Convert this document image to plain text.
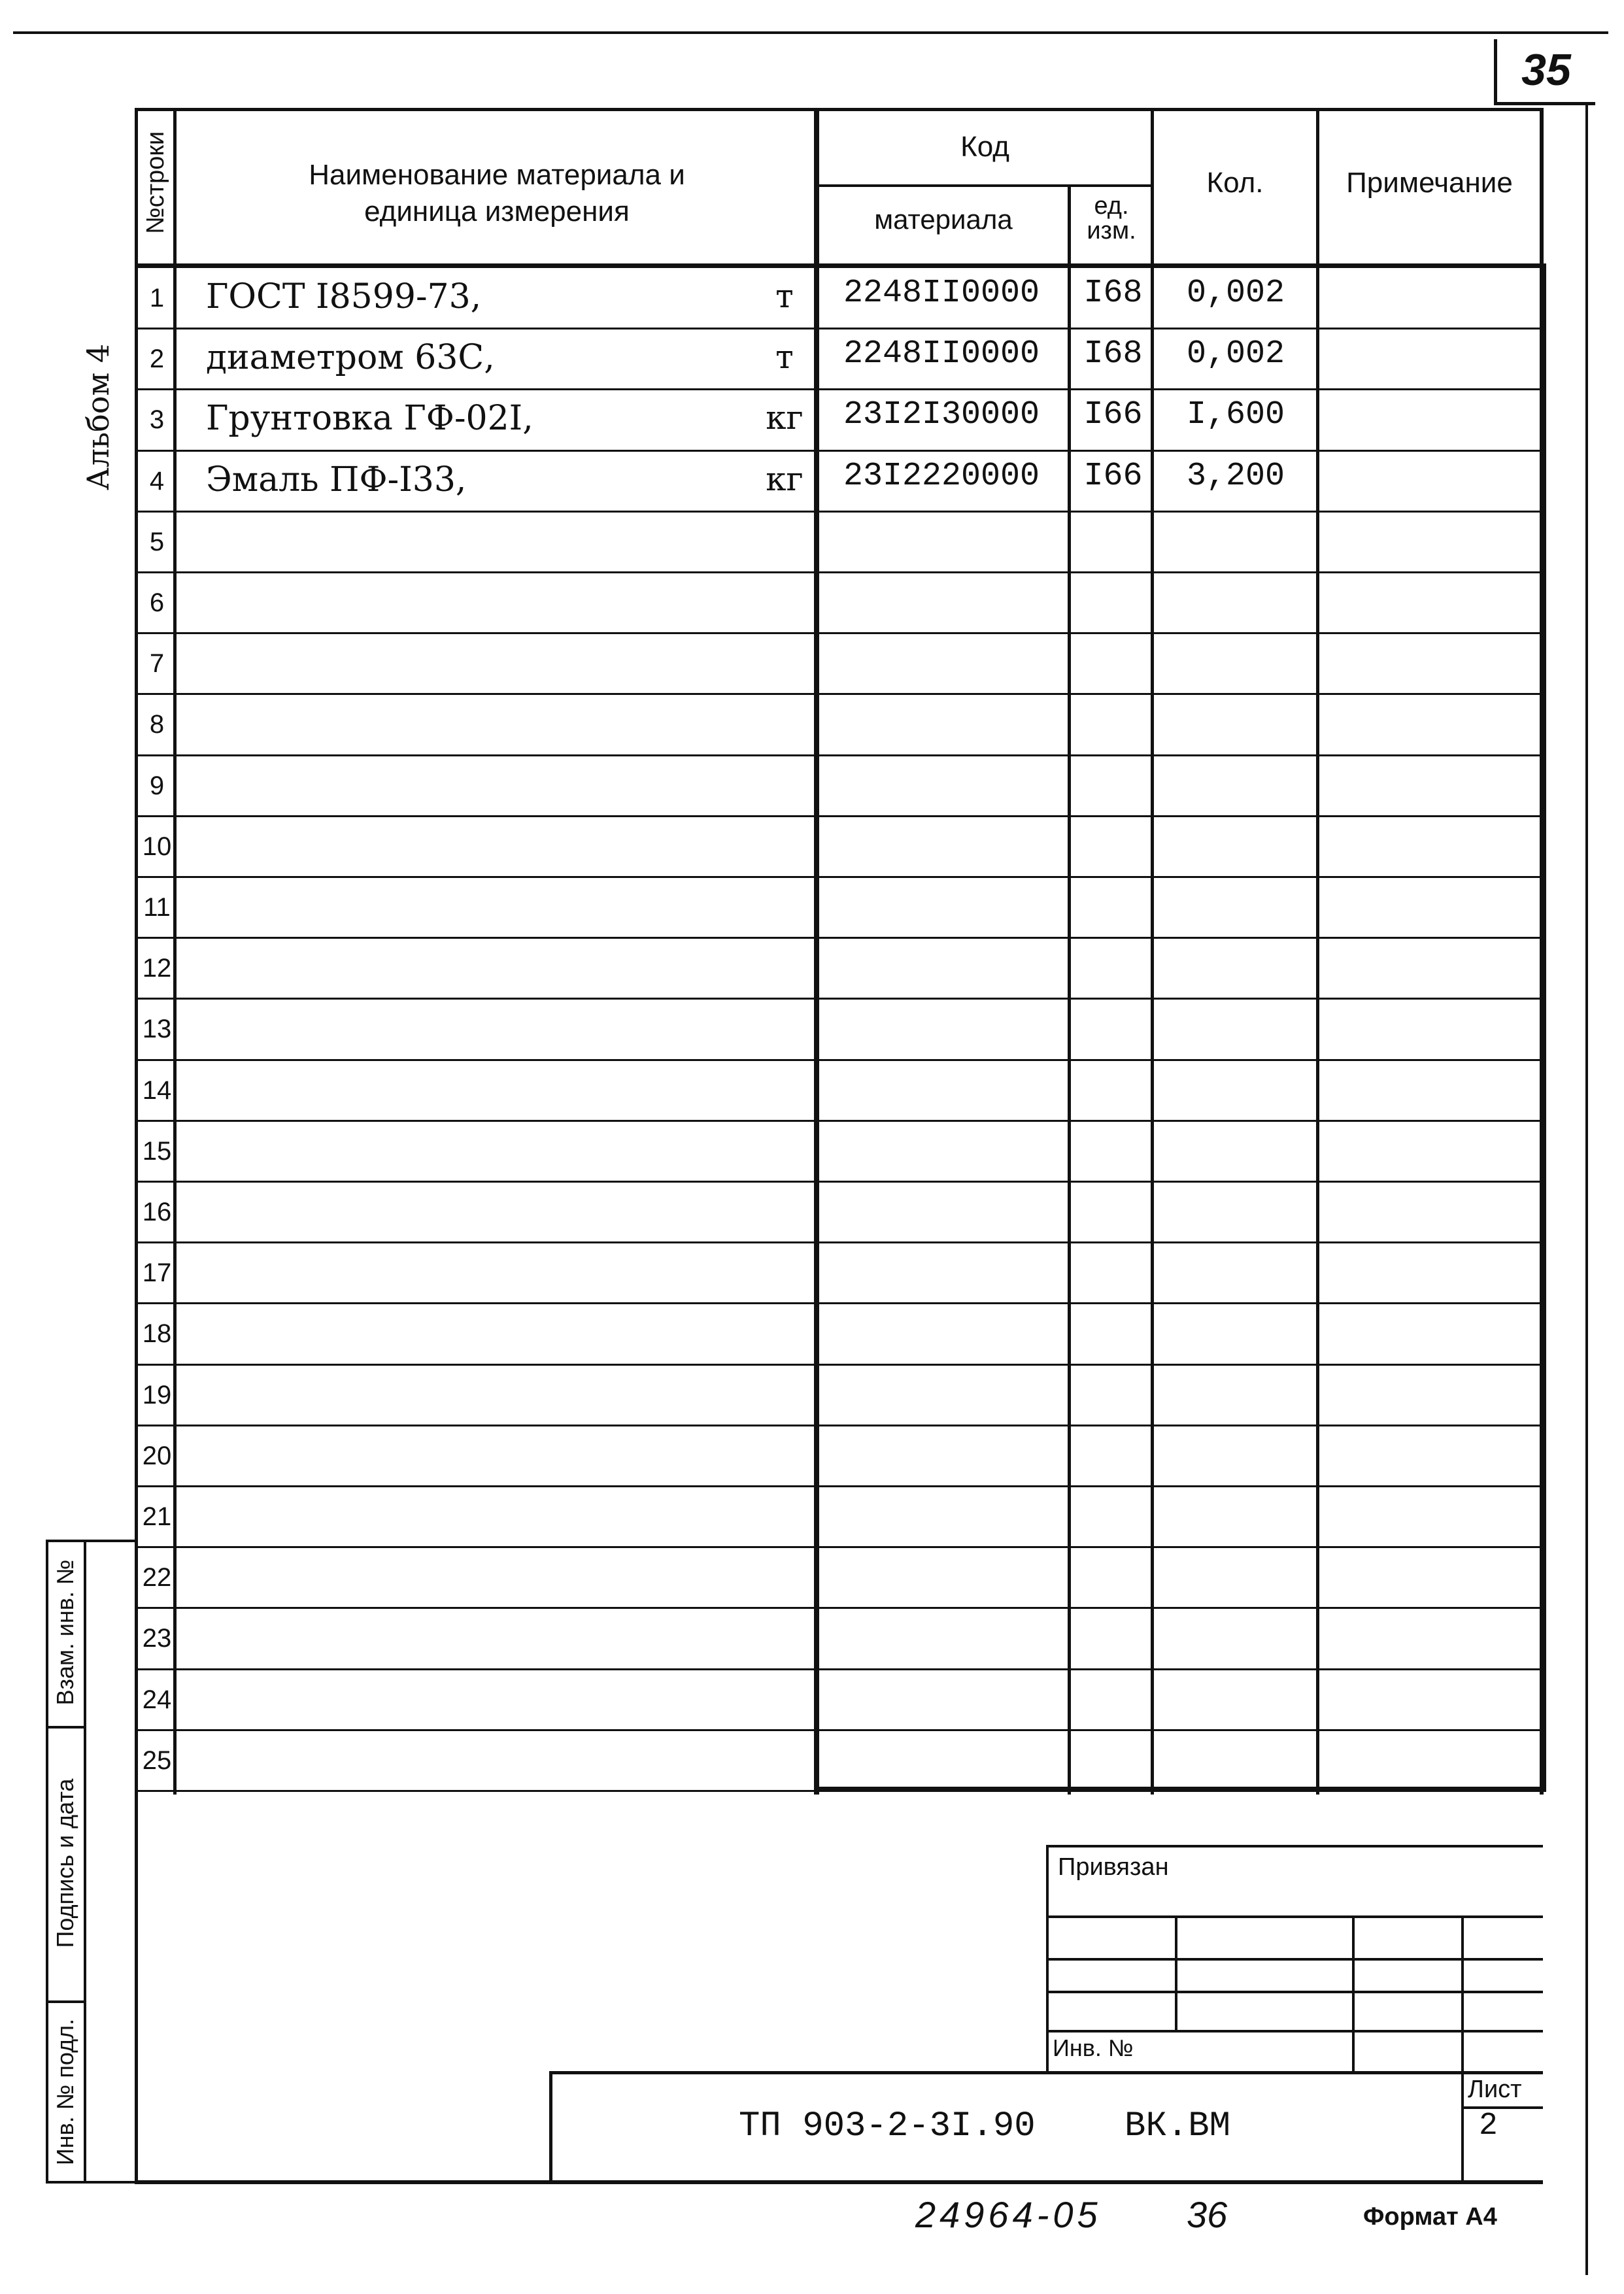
35
Альбом 4
№строки	Наименование материала и единица измерения
Код
материала	ед. изм.
Кол.	Примечание
1	ГОСТ I8599-73,	т	2248II0000 I68 0,002
2	диаметром 63С,	т	2248II0000 I68 0,002
3	Грунтовка ГФ-02I,	кг	23I2I30000 I66 I,600
4	Эмаль ПФ-I33,	кг	23I2220000 I66 3,200
5
6
7
8
9
10
11
12
13
14
15
16
17
18
19
20
21
22
23
24
25
Взам. инв. №
Подпись и дата
Инв. № подл.
Привязан
Инв. №
ТП 903-2-3I.90	ВК.ВМ
Лист
2
24964-05 36	Формат А4
